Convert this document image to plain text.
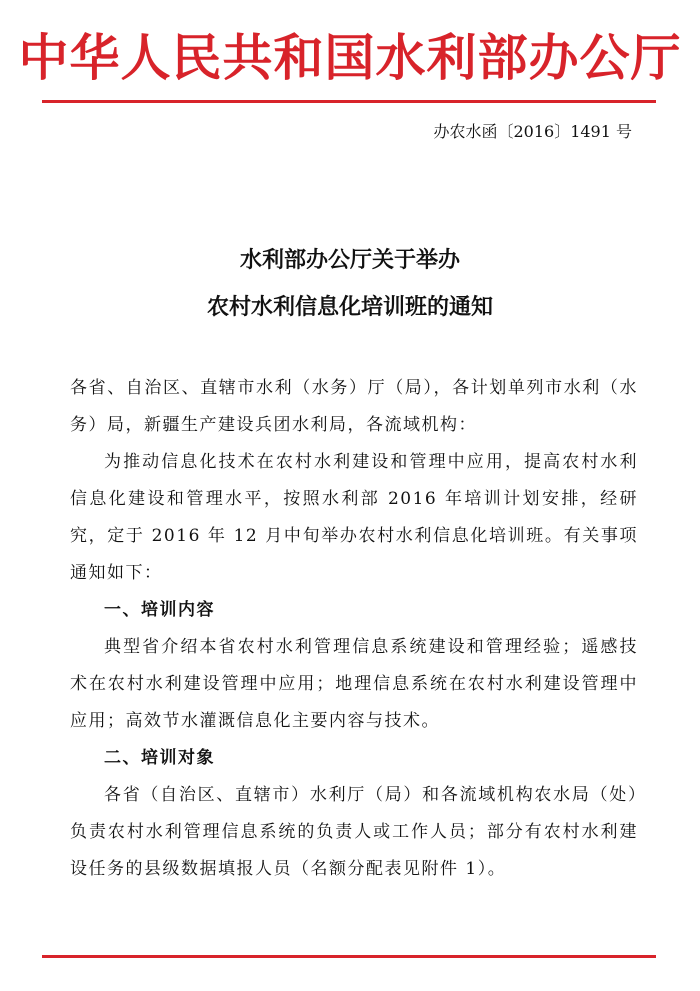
中华人民共和国水利部办公厅
办农水函〔2016〕1491 号
水利部办公厅关于举办
农村水利信息化培训班的通知

各省、自治区、直辖市水利（水务）厅（局），各计划单列市水利（水务）局，新疆生产建设兵团水利局，各流域机构：

为推动信息化技术在农村水利建设和管理中应用，提高农村水利信息化建设和管理水平，按照水利部 2016 年培训计划安排，经研究，定于 2016 年 12 月中旬举办农村水利信息化培训班。有关事项通知如下：

一、培训内容

典型省介绍本省农村水利管理信息系统建设和管理经验；遥感技术在农村水利建设管理中应用；地理信息系统在农村水利建设管理中应用；高效节水灌溉信息化主要内容与技术。

二、培训对象

各省（自治区、直辖市）水利厅（局）和各流域机构农水局（处）负责农村水利管理信息系统的负责人或工作人员；部分有农村水利建设任务的县级数据填报人员（名额分配表见附件 1）。
